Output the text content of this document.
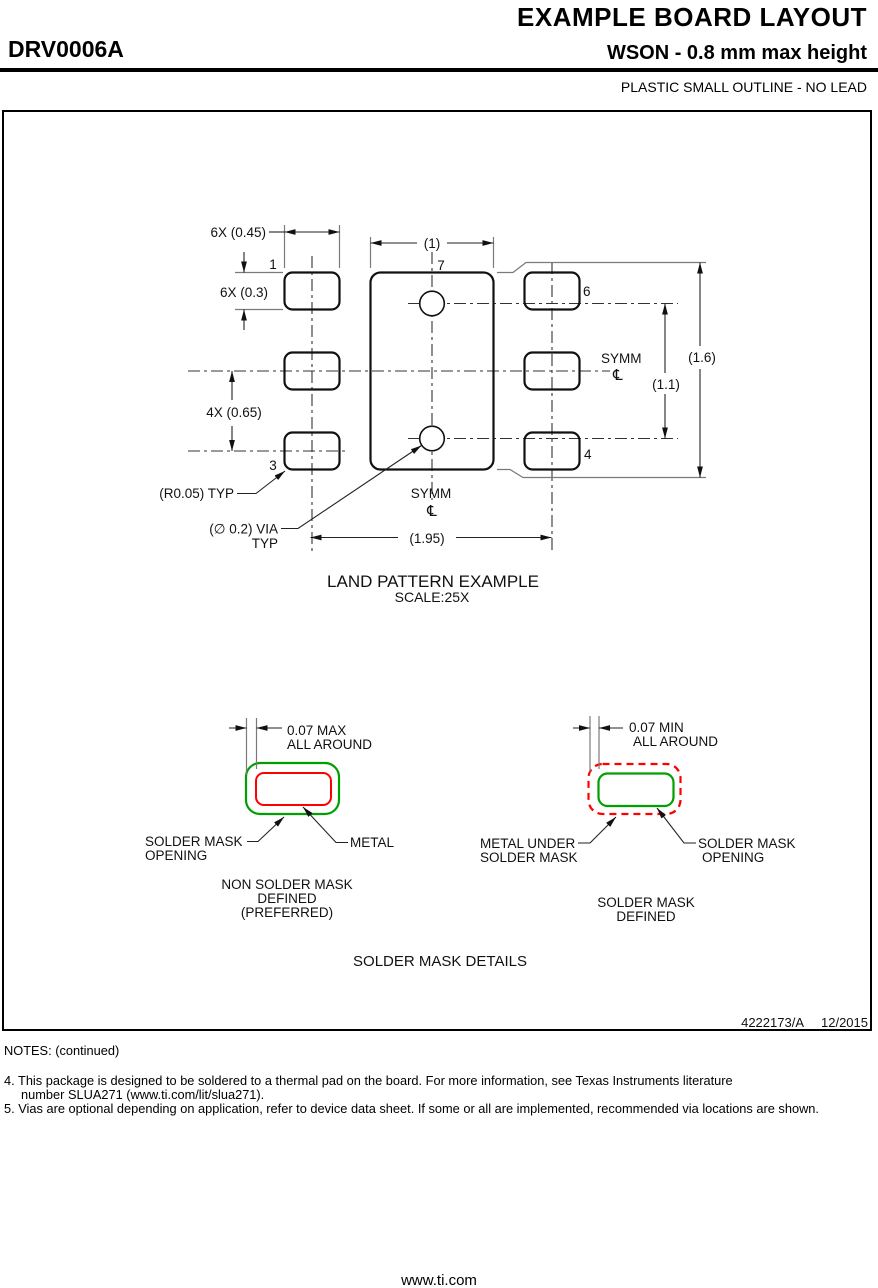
EXAMPLE BOARD LAYOUT
DRV0006A	WSON - 0.8 mm max height
PLASTIC SMALL OUTLINE - NO LEAD
6X (0.45)
6X (0.3)
4X (0.65)
(1)
(1.6)
(1.1)
(1.95)
(R0.05) TYP
(∅ 0.2) VIA
TYP
1	7
6
3
4
SYMM
℄
SYMM
℄
LAND PATTERN EXAMPLE
SCALE:25X
0.07 MAX
ALL AROUND
SOLDER MASK
OPENING
METAL
NON SOLDER MASK
DEFINED
(PREFERRED)
0.07 MIN
ALL AROUND
METAL UNDER
SOLDER MASK
SOLDER MASK
OPENING
SOLDER MASK
DEFINED
SOLDER MASK DETAILS
4222173/A 12/2015
NOTES: (continued)
4. This package is designed to be soldered to a thermal pad on the board. For more information, see Texas Instruments literature
number SLUA271 (www.ti.com/lit/slua271).
5. Vias are optional depending on application, refer to device data sheet. If some or all are implemented, recommended via locations are shown.
www.ti.com
